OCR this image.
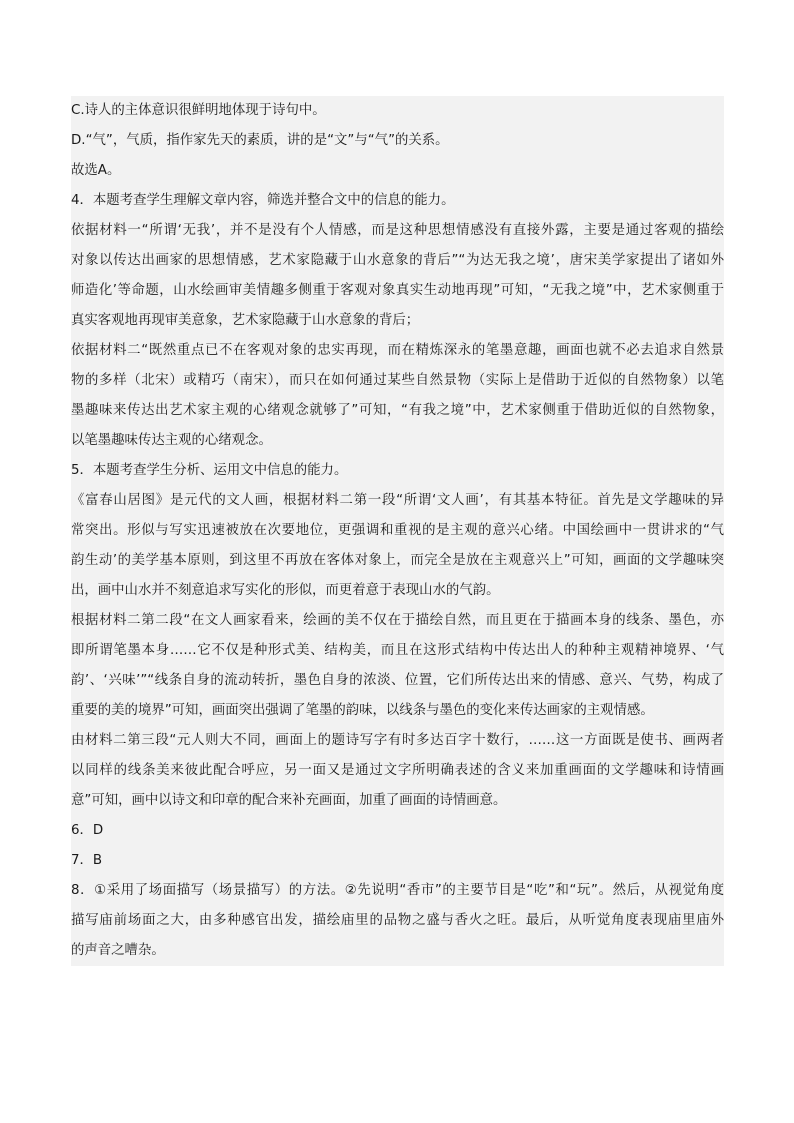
C.诗人的主体意识很鲜明地体现于诗句中。

D.“气”，气质，指作家先天的素质，讲的是“文”与“气”的关系。

故选A。

4．本题考查学生理解文章内容，筛选并整合文中的信息的能力。

依据材料一“所谓‘无我’，并不是没有个人情感，而是这种思想情感没有直接外露，主要是通过客观的描绘

对象以传达出画家的思想情感，艺术家隐藏于山水意象的背后”“为达无我之境’，唐宋美学家提出了诸如外

师造化’等命题，山水绘画审美情趣多侧重于客观对象真实生动地再现”可知，“无我之境”中，艺术家侧重于

真实客观地再现审美意象，艺术家隐藏于山水意象的背后；

依据材料二“既然重点已不在客观对象的忠实再现，而在精炼深永的笔墨意趣，画面也就不必去追求自然景

物的多样（北宋）或精巧（南宋），而只在如何通过某些自然景物（实际上是借助于近似的自然物象）以笔

墨趣味来传达出艺术家主观的心绪观念就够了”可知，“有我之境”中，艺术家侧重于借助近似的自然物象，

以笔墨趣味传达主观的心绪观念。

5．本题考查学生分析、运用文中信息的能力。

《富春山居图》是元代的文人画，根据材料二第一段“所谓‘文人画’，有其基本特征。首先是文学趣味的异

常突出。形似与写实迅速被放在次要地位，更强调和重视的是主观的意兴心绪。中国绘画中一贯讲求的“气

韵生动’的美学基本原则，到这里不再放在客体对象上，而完全是放在主观意兴上”可知，画面的文学趣味突

出，画中山水并不刻意追求写实化的形似，而更着意于表现山水的气韵。

根据材料二第二段“在文人画家看来，绘画的美不仅在于描绘自然，而且更在于描画本身的线条、墨色，亦

即所谓笔墨本身……它不仅是种形式美、结构美，而且在这形式结构中传达出人的种种主观精神境界、‘气

韵’、‘兴味’”“线条自身的流动转折，墨色自身的浓淡、位置，它们所传达出来的情感、意兴、气势，构成了

重要的美的境界”可知，画面突出强调了笔墨的韵味，以线条与墨色的变化来传达画家的主观情感。

由材料二第三段“元人则大不同，画面上的题诗写字有时多达百字十数行，……这一方面既是使书、画两者

以同样的线条美来彼此配合呼应，另一面又是通过文字所明确表述的含义来加重画面的文学趣味和诗情画

意”可知，画中以诗文和印章的配合来补充画面，加重了画面的诗情画意。

6．D

7．B

8．①采用了场面描写（场景描写）的方法。②先说明“香市”的主要节目是“吃”和“玩”。然后，从视觉角度

描写庙前场面之大，由多种感官出发，描绘庙里的品物之盛与香火之旺。最后，从听觉角度表现庙里庙外

的声音之嘈杂。
